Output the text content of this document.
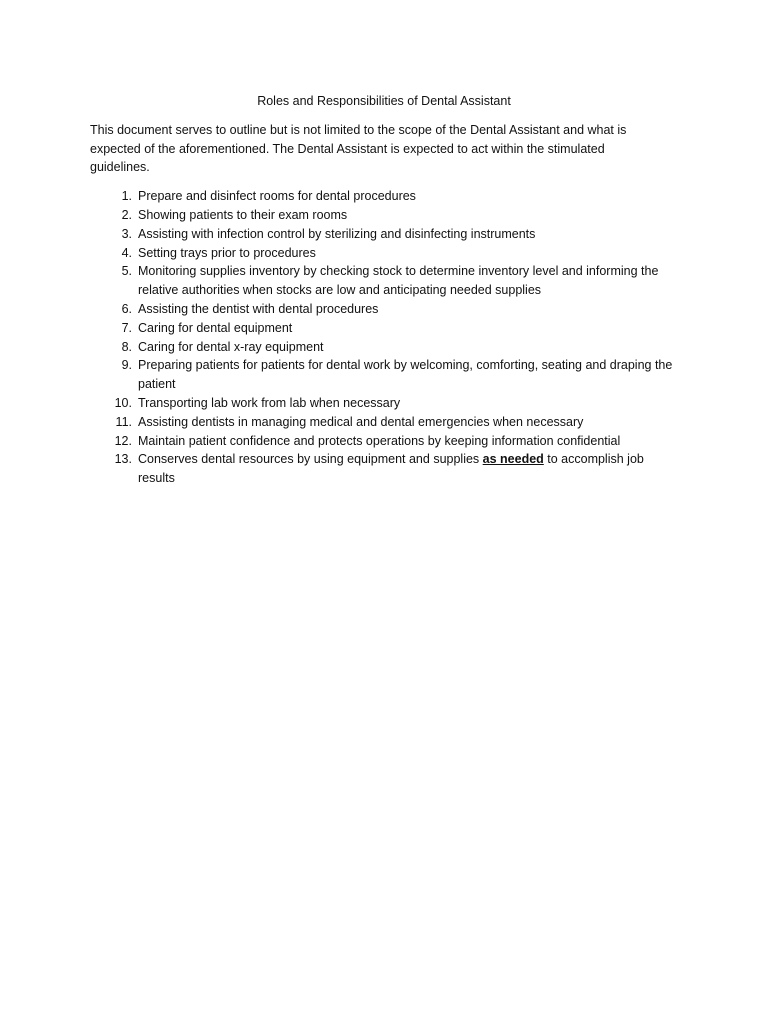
Roles and Responsibilities of Dental Assistant
This document serves to outline but is not limited to the scope of the Dental Assistant and what is expected of the aforementioned. The Dental Assistant is expected to act within the stimulated guidelines.
1. Prepare and disinfect rooms for dental procedures
2. Showing patients to their exam rooms
3. Assisting with infection control by sterilizing and disinfecting instruments
4. Setting trays prior to procedures
5. Monitoring supplies inventory by checking stock to determine inventory level and informing the relative authorities when stocks are low and anticipating needed supplies
6. Assisting the dentist with dental procedures
7. Caring for dental equipment
8. Caring for dental x-ray equipment
9. Preparing patients for patients for dental work by welcoming, comforting, seating and draping the patient
10. Transporting lab work from lab when necessary
11. Assisting dentists in managing medical and dental emergencies when necessary
12. Maintain patient confidence and protects operations by keeping information confidential
13. Conserves dental resources by using equipment and supplies as needed to accomplish job results
